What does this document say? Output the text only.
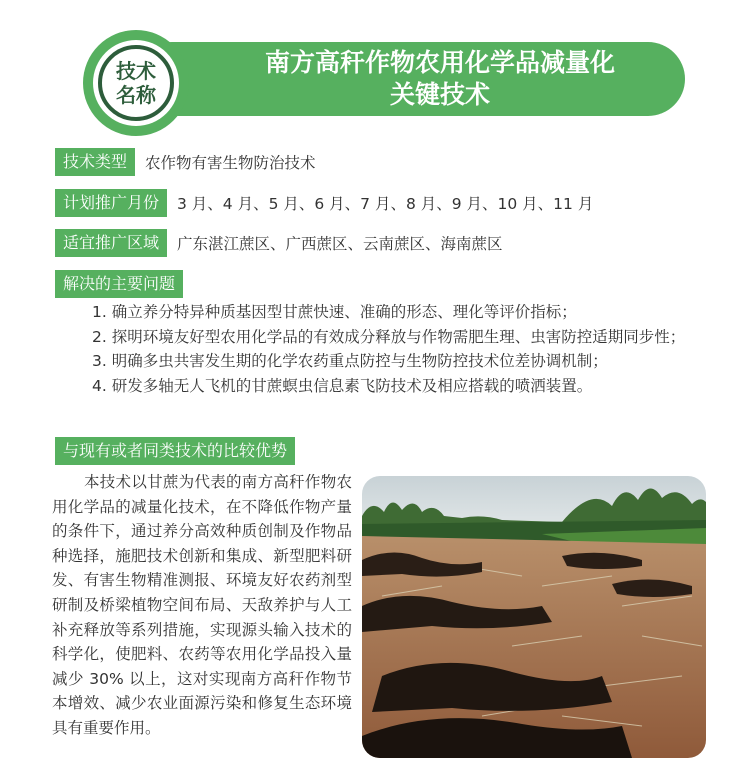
南方高秆作物农用化学品减量化
关键技术
技术
名称
技术类型	农作物有害生物防治技术
计划推广月份	3 月、4 月、5 月、6 月、7 月、8 月、9 月、10 月、11 月
适宜推广区域	广东湛江蔗区、广西蔗区、云南蔗区、海南蔗区
解决的主要问题

1. 确立养分特异种质基因型甘蔗快速、准确的形态、理化等评价指标；

2. 探明环境友好型农用化学品的有效成分释放与作物需肥生理、虫害防控适期同步性；

3. 明确多虫共害发生期的化学农药重点防控与生物防控技术位差协调机制；

4. 研发多轴无人飞机的甘蔗螟虫信息素飞防技术及相应搭载的喷洒装置。

与现有或者同类技术的比较优势
本技术以甘蔗为代表的南方高秆作物农用化学品的减量化技术，在不降低作物产量的条件下，通过养分高效种质创制及作物品种选择，施肥技术创新和集成、新型肥料研发、有害生物精准测报、环境友好农药剂型研制及桥梁植物空间布局、天敌养护与人工补充释放等系列措施，实现源头输入技术的科学化，使肥料、农药等农用化学品投入量减少 30% 以上，这对实现南方高秆作物节本增效、减少农业面源污染和修复生态环境具有重要作用。
